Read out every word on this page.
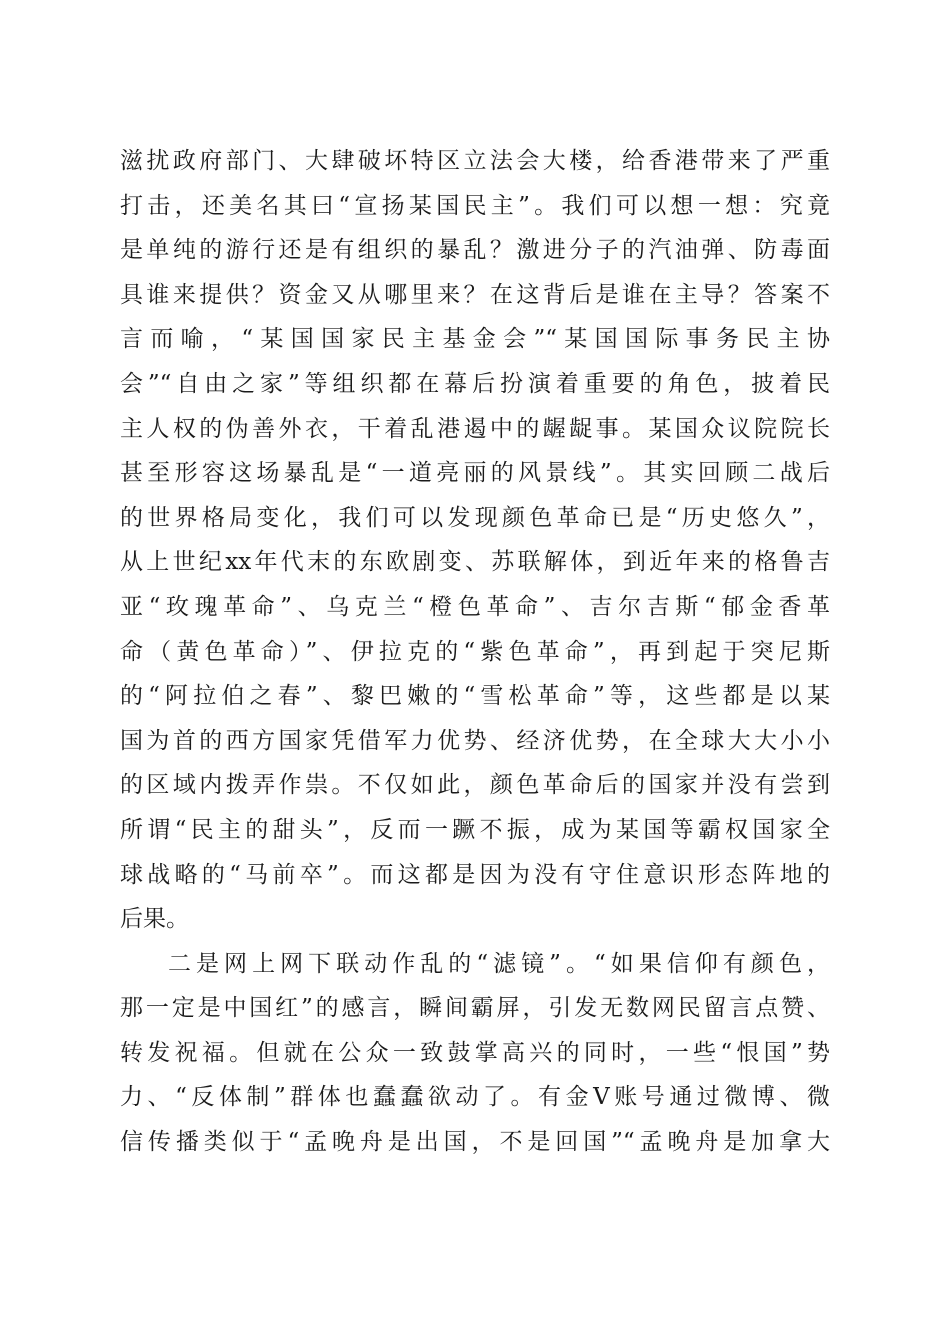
滋扰政府部门、大肆破坏特区立法会大楼，给香港带来了严重
打击，还美名其曰“宣扬某国民主”。我们可以想一想：究竟
是单纯的游行还是有组织的暴乱？激进分子的汽油弹、防毒面
具谁来提供？资金又从哪里来？在这背后是谁在主导？答案不
言而喻，“某国国家民主基金会”“某国国际事务民主协
会”“自由之家”等组织都在幕后扮演着重要的角色，披着民
主人权的伪善外衣，干着乱港遏中的龌龊事。某国众议院院长
甚至形容这场暴乱是“一道亮丽的风景线”。其实回顾二战后
的世界格局变化，我们可以发现颜色革命已是“历史悠久”，
从上世纪xx年代末的东欧剧变、苏联解体，到近年来的格鲁吉
亚“玫瑰革命”、乌克兰“橙色革命”、吉尔吉斯“郁金香革
命（黄色革命）”、伊拉克的“紫色革命”，再到起于突尼斯
的“阿拉伯之春”、黎巴嫩的“雪松革命”等，这些都是以某
国为首的西方国家凭借军力优势、经济优势，在全球大大小小
的区域内拨弄作祟。不仅如此，颜色革命后的国家并没有尝到
所谓“民主的甜头”，反而一蹶不振，成为某国等霸权国家全
球战略的“马前卒”。而这都是因为没有守住意识形态阵地的
后果。
二是网上网下联动作乱的“滤镜”。“如果信仰有颜色，
那一定是中国红”的感言，瞬间霸屏，引发无数网民留言点赞、
转发祝福。但就在公众一致鼓掌高兴的同时，一些“恨国”势
力、“反体制”群体也蠢蠢欲动了。有金V账号通过微博、微
信传播类似于“孟晚舟是出国，不是回国”“孟晚舟是加拿大
